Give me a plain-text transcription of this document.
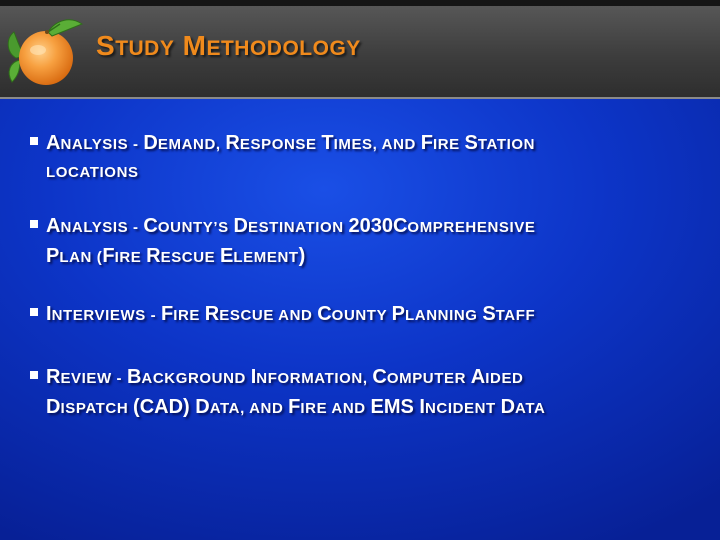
STUDY METHODOLOGY
ANALYSIS - DEMAND, RESPONSE TIMES, AND FIRE STATION
LOCATIONS
ANALYSIS - COUNTY’S DESTINATION 2030COMPREHENSIVE
PLAN (FIRE RESCUE ELEMENT)
INTERVIEWS - FIRE RESCUE AND COUNTY PLANNING STAFF
REVIEW - BACKGROUND INFORMATION, COMPUTER AIDED
DISPATCH (CAD) DATA, AND FIRE AND EMS INCIDENT DATA
